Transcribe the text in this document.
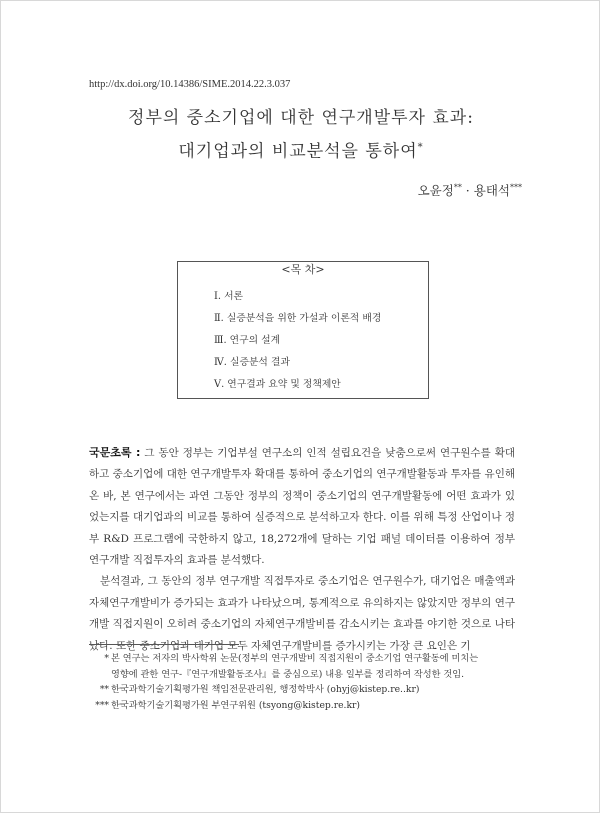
http://dx.doi.org/10.14386/SIME.2014.22.3.037
정부의 중소기업에 대한 연구개발투자 효과:
대기업과의 비교분석을 통하여*
오윤정** · 용태석***
<목 차>
Ⅰ. 서론
Ⅱ. 실증분석을 위한 가설과 이론적 배경
Ⅲ. 연구의 설계
Ⅳ. 실증분석 결과
Ⅴ. 연구결과 요약 및 정책제안

국문초록 : 그 동안 정부는 기업부설 연구소의 인적 설립요건을 낮춤으로써 연구원수를 확대하고 중소기업에 대한 연구개발투자 확대를 통하여 중소기업의 연구개발활동과 투자를 유인해 온 바, 본 연구에서는 과연 그동안 정부의 정책이 중소기업의 연구개발활동에 어떤 효과가 있었는지를 대기업과의 비교를 통하여 실증적으로 분석하고자 한다. 이를 위해 특정 산업이나 정부 R&D 프로그램에 국한하지 않고, 18,272개에 달하는 기업 패널 데이터를 이용하여 정부 연구개발 직접투자의 효과를 분석했다.

분석결과, 그 동안의 정부 연구개발 직접투자로 중소기업은 연구원수가, 대기업은 매출액과 자체연구개발비가 증가되는 효과가 나타났으며, 통계적으로 유의하지는 않았지만 정부의 연구개발 직접지원이 오히려 중소기업의 자체연구개발비를 감소시키는 효과를 야기한 것으로 나타났다. 또한 중소기업과 대기업 모두 자체연구개발비를 증가시키는 가장 큰 요인은 기

* 본 연구는 저자의 박사학위 논문(정부의 연구개발비 직접지원이 중소기업 연구활동에 미치는
영향에 관한 연구-『연구개발활동조사』를 중심으로) 내용 일부를 정리하여 작성한 것임.
** 한국과학기술기획평가원 책임전문관리원, 행정학박사 (ohyj@kistep.re..kr)
*** 한국과학기술기획평가원 부연구위원 (tsyong@kistep.re.kr)
